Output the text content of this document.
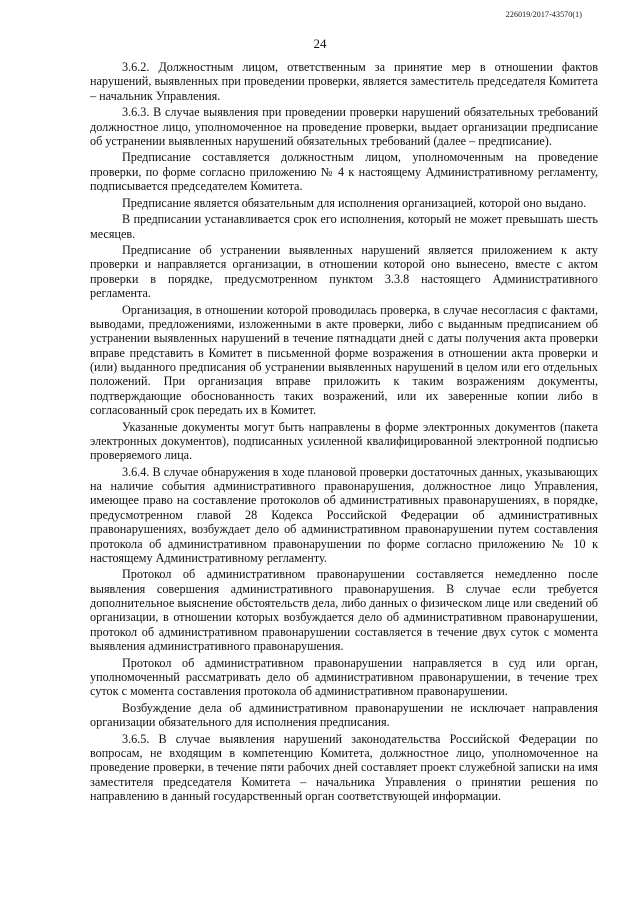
226019/2017-43570(1)
24

3.6.2. Должностным лицом, ответственным за принятие мер в отношении фактов нарушений, выявленных при проведении проверки, является заместитель председателя Комитета – начальник Управления.

3.6.3. В случае выявления при проведении проверки нарушений обязательных требований должностное лицо, уполномоченное на проведение проверки, выдает организации предписание об устранении выявленных нарушений обязательных требований (далее – предписание).

Предписание составляется должностным лицом, уполномоченным на проведение проверки, по форме согласно приложению № 4 к настоящему Административному регламенту, подписывается председателем Комитета.

Предписание является обязательным для исполнения организацией, которой оно выдано.

В предписании устанавливается срок его исполнения, который не может превышать шесть месяцев.

Предписание об устранении выявленных нарушений является приложением к акту проверки и направляется организации, в отношении которой оно вынесено, вместе с актом проверки в порядке, предусмотренном пунктом 3.3.8 настоящего Административного регламента.

Организация, в отношении которой проводилась проверка, в случае несогласия с фактами, выводами, предложениями, изложенными в акте проверки, либо с выданным предписанием об устранении выявленных нарушений в течение пятнадцати дней с даты получения акта проверки вправе представить в Комитет в письменной форме возражения в отношении акта проверки и (или) выданного предписания об устранении выявленных нарушений в целом или его отдельных положений. При организация вправе приложить к таким возражениям документы, подтверждающие обоснованность таких возражений, или их заверенные копии либо в согласованный срок передать их в Комитет.

Указанные документы могут быть направлены в форме электронных документов (пакета электронных документов), подписанных усиленной квалифицированной электронной подписью проверяемого лица.

3.6.4. В случае обнаружения в ходе плановой проверки достаточных данных, указывающих на наличие события административного правонарушения, должностное лицо Управления, имеющее право на составление протоколов об административных правонарушениях, в порядке, предусмотренном главой 28 Кодекса Российской Федерации об административных правонарушениях, возбуждает дело об административном правонарушении путем составления протокола об административном правонарушении по форме согласно приложению № 10 к настоящему Административному регламенту.

Протокол об административном правонарушении составляется немедленно после выявления совершения административного правонарушения. В случае если требуется дополнительное выяснение обстоятельств дела, либо данных о физическом лице или сведений об организации, в отношении которых возбуждается дело об административном правонарушении, протокол об административном правонарушении составляется в течение двух суток с момента выявления административного правонарушения.

Протокол об административном правонарушении направляется в суд или орган, уполномоченный рассматривать дело об административном правонарушении, в течение трех суток с момента составления протокола об административном правонарушении.

Возбуждение дела об административном правонарушении не исключает направления организации обязательного для исполнения предписания.

3.6.5. В случае выявления нарушений законодательства Российской Федерации по вопросам, не входящим в компетенцию Комитета, должностное лицо, уполномоченное на проведение проверки, в течение пяти рабочих дней составляет проект служебной записки на имя заместителя председателя Комитета – начальника Управления о принятии решения по направлению в данный государственный орган соответствующей информации.
